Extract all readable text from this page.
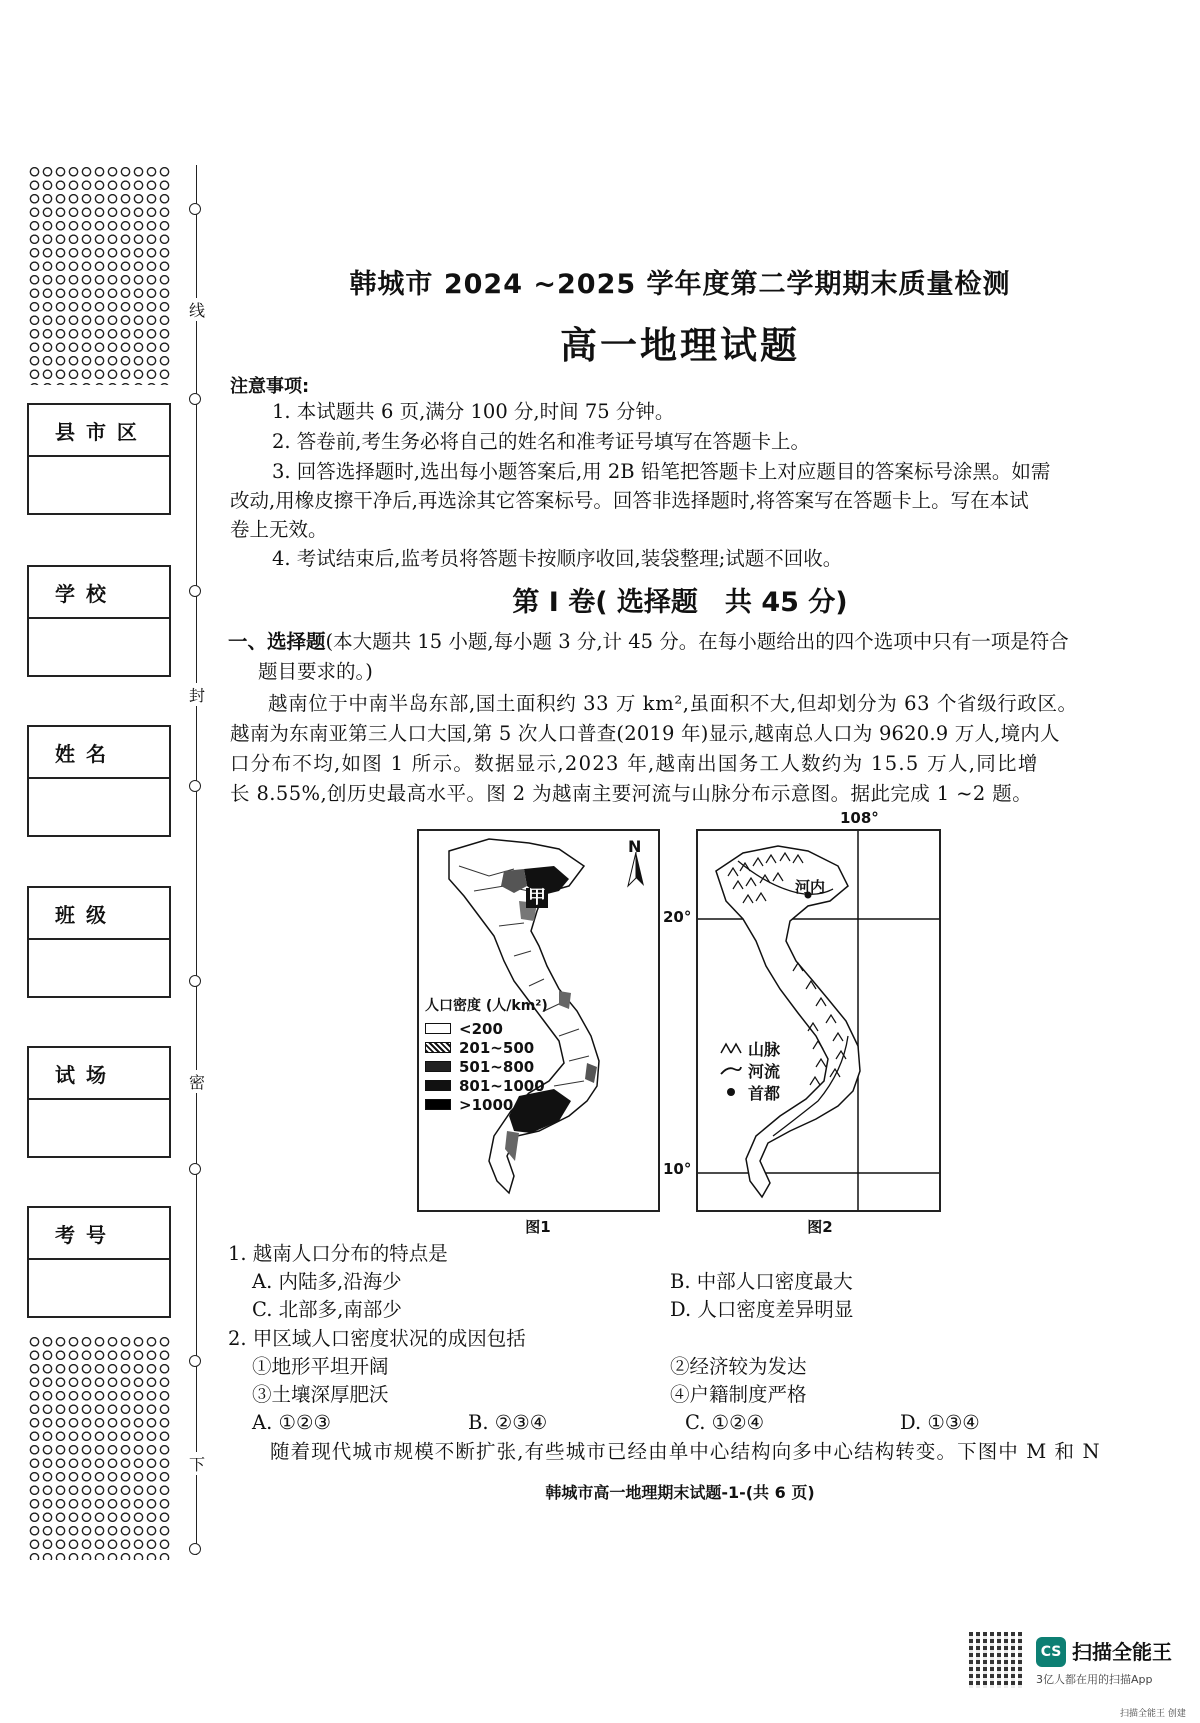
县 市 区
学 校
姓 名
班 级
试 场
考 号
线
封
密
下
韩城市 2024 ~2025 学年度第二学期期末质量检测
高一地理试题
注意事项:
1. 本试题共 6 页,满分 100 分,时间 75 分钟。
2. 答卷前,考生务必将自己的姓名和准考证号填写在答题卡上。
3. 回答选择题时,选出每小题答案后,用 2B 铅笔把答题卡上对应题目的答案标号涂黑。如需
改动,用橡皮擦干净后,再选涂其它答案标号。回答非选择题时,将答案写在答题卡上。写在本试
卷上无效。
4. 考试结束后,监考员将答题卡按顺序收回,装袋整理;试题不回收。
第 I 卷( 选择题　共 45 分)
一、选择题(本大题共 15 小题,每小题 3 分,计 45 分。在每小题给出的四个选项中只有一项是符合
题目要求的。)
越南位于中南半岛东部,国土面积约 33 万 km²,虽面积不大,但却划分为 63 个省级行政区。
越南为东南亚第三人口大国,第 5 次人口普查(2019 年)显示,越南总人口为 9620.9 万人,境内人
口分布不均,如图 1 所示。数据显示,2023 年,越南出国务工人数约为 15.5 万人,同比增
长 8.55%,创历史最高水平。图 2 为越南主要河流与山脉分布示意图。据此完成 1 ~2 题。
甲
N
人口密度 (人/km²)
<200
201~500
501~800
801~1000
>1000
图1
河内
108°
20°
10°
山脉
河流
首都
图2
1. 越南人口分布的特点是
A. 内陆多,沿海少	B. 中部人口密度最大
C. 北部多,南部少	D. 人口密度差异明显
2. 甲区域人口密度状况的成因包括
①地形平坦开阔	②经济较为发达
③土壤深厚肥沃	④户籍制度严格
A. ①②③	B. ②③④	C. ①②④	D. ①③④
随着现代城市规模不断扩张,有些城市已经由单中心结构向多中心结构转变。下图中 M 和 N
韩城市高一地理期末试题-1-(共 6 页)
CS 扫描全能王
3亿人都在用的扫描App
扫描全能王 创建
